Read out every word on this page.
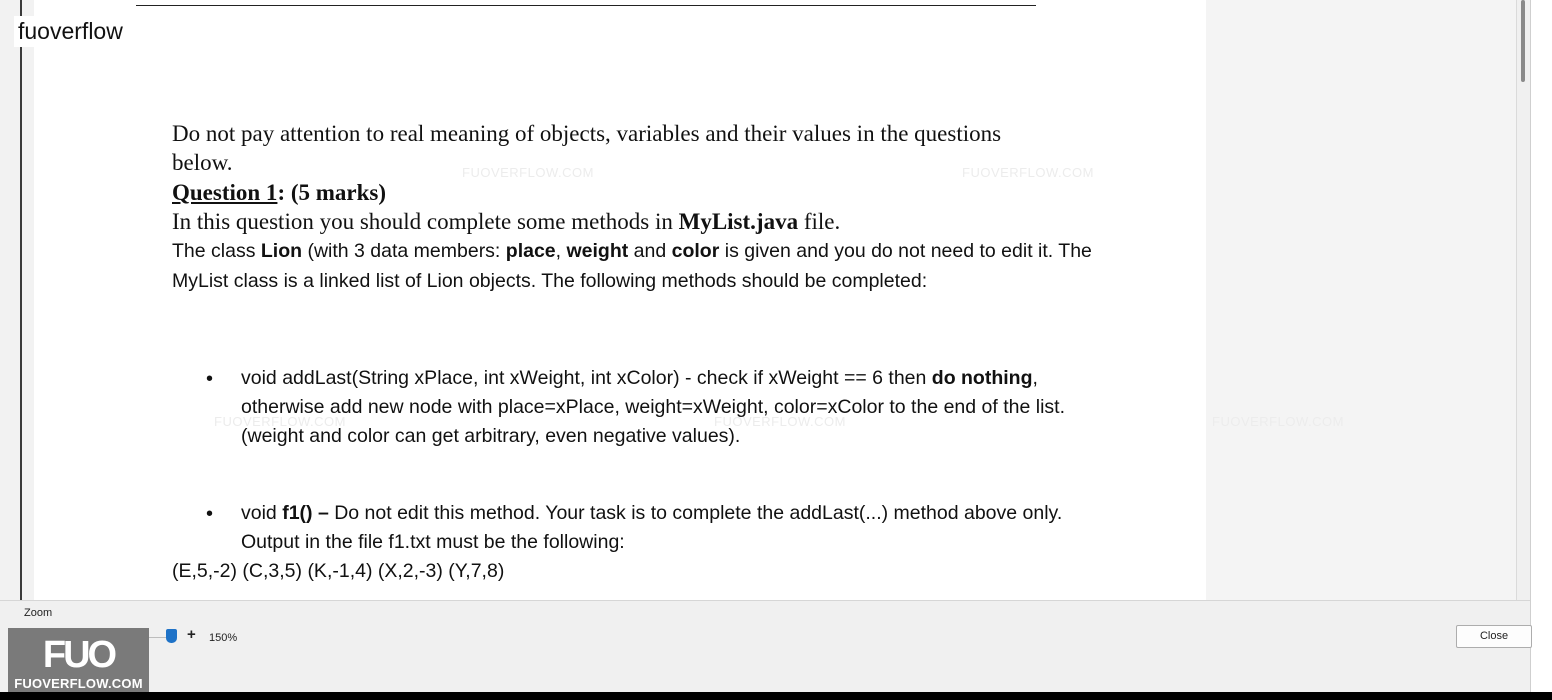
FUOVERFLOW.COM	FUOVERFLOW.COM
FUOVERFLOW.COM	FUOVERFLOW.COM	FUOVERFLOW.COM
Do not pay attention to real meaning of objects, variables and their values in the questions
below.
Question 1: (5 marks)
In this question you should complete some methods in MyList.java file.
The class Lion (with 3 data members: place, weight and color is given and you do not need to edit it. The
MyList class is a linked list of Lion objects. The following methods should be completed:
• void addLast(String xPlace, int xWeight, int xColor) - check if xWeight == 6 then do nothing,
otherwise add new node with place=xPlace, weight=xWeight, color=xColor to the end of the list.
(weight and color can get arbitrary, even negative values).
• void f1() – Do not edit this method. Your task is to complete the addLast(...) method above only.
Output in the file f1.txt must be the following:
(E,5,-2) (C,3,5) (K,-1,4) (X,2,-3) (Y,7,8)
fuoverflow
Zoom
+ 150%	Close
FUO
FUOVERFLOW.COM
